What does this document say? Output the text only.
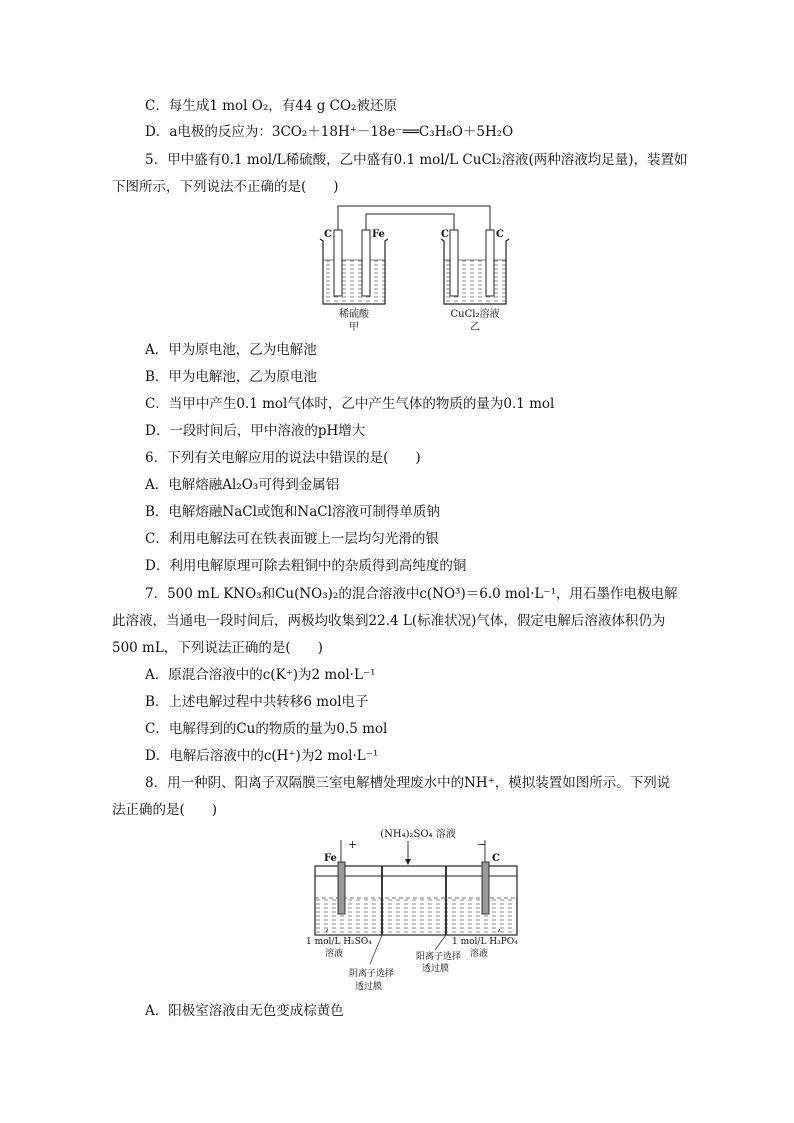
C．每生成1 mol O₂，有44 g CO₂被还原
D．a电极的反应为：3CO₂＋18H⁺－18e⁻══C₃H₈O＋5H₂O
5．甲中盛有0.1 mol/L稀硫酸，乙中盛有0.1 mol/L CuCl₂溶液(两种溶液均足量)，装置如
下图所示，下列说法不正确的是(　　)
C	Fe	C	C
稀硫酸
甲
CuCl₂溶液
乙
A．甲为原电池，乙为电解池
B．甲为电解池，乙为原电池
C．当甲中产生0.1 mol气体时，乙中产生气体的物质的量为0.1 mol
D．一段时间后，甲中溶液的pH增大
6．下列有关电解应用的说法中错误的是(　　)
A．电解熔融Al₂O₃可得到金属铝
B．电解熔融NaCl或饱和NaCl溶液可制得单质钠
C．利用电解法可在铁表面镀上一层均匀光滑的银
D．利用电解原理可除去粗铜中的杂质得到高纯度的铜
7．500 mL KNO₃和Cu(NO₃)₂的混合溶液中c(NO³)＝6.0 mol·L⁻¹，用石墨作电极电解
此溶液，当通电一段时间后，两极均收集到22.4 L(标准状况)气体，假定电解后溶液体积仍为
500 mL，下列说法正确的是(　　)
A．原混合溶液中的c(K⁺)为2 mol·L⁻¹
B．上述电解过程中共转移6 mol电子
C．电解得到的Cu的物质的量为0.5 mol
D．电解后溶液中的c(H⁺)为2 mol·L⁻¹
8．用一种阴、阳离子双隔膜三室电解槽处理废水中的NH⁺，模拟装置如图所示。下列说
法正确的是(　　)
(NH₄)₂SO₄ 溶液
Fe
+
C
−
1 mol/L H₂SO₄
溶液
1 mol/L H₃PO₄
溶液
阳离子选择
透过膜
阴离子选择
透过膜
A．阳极室溶液由无色变成棕黄色
